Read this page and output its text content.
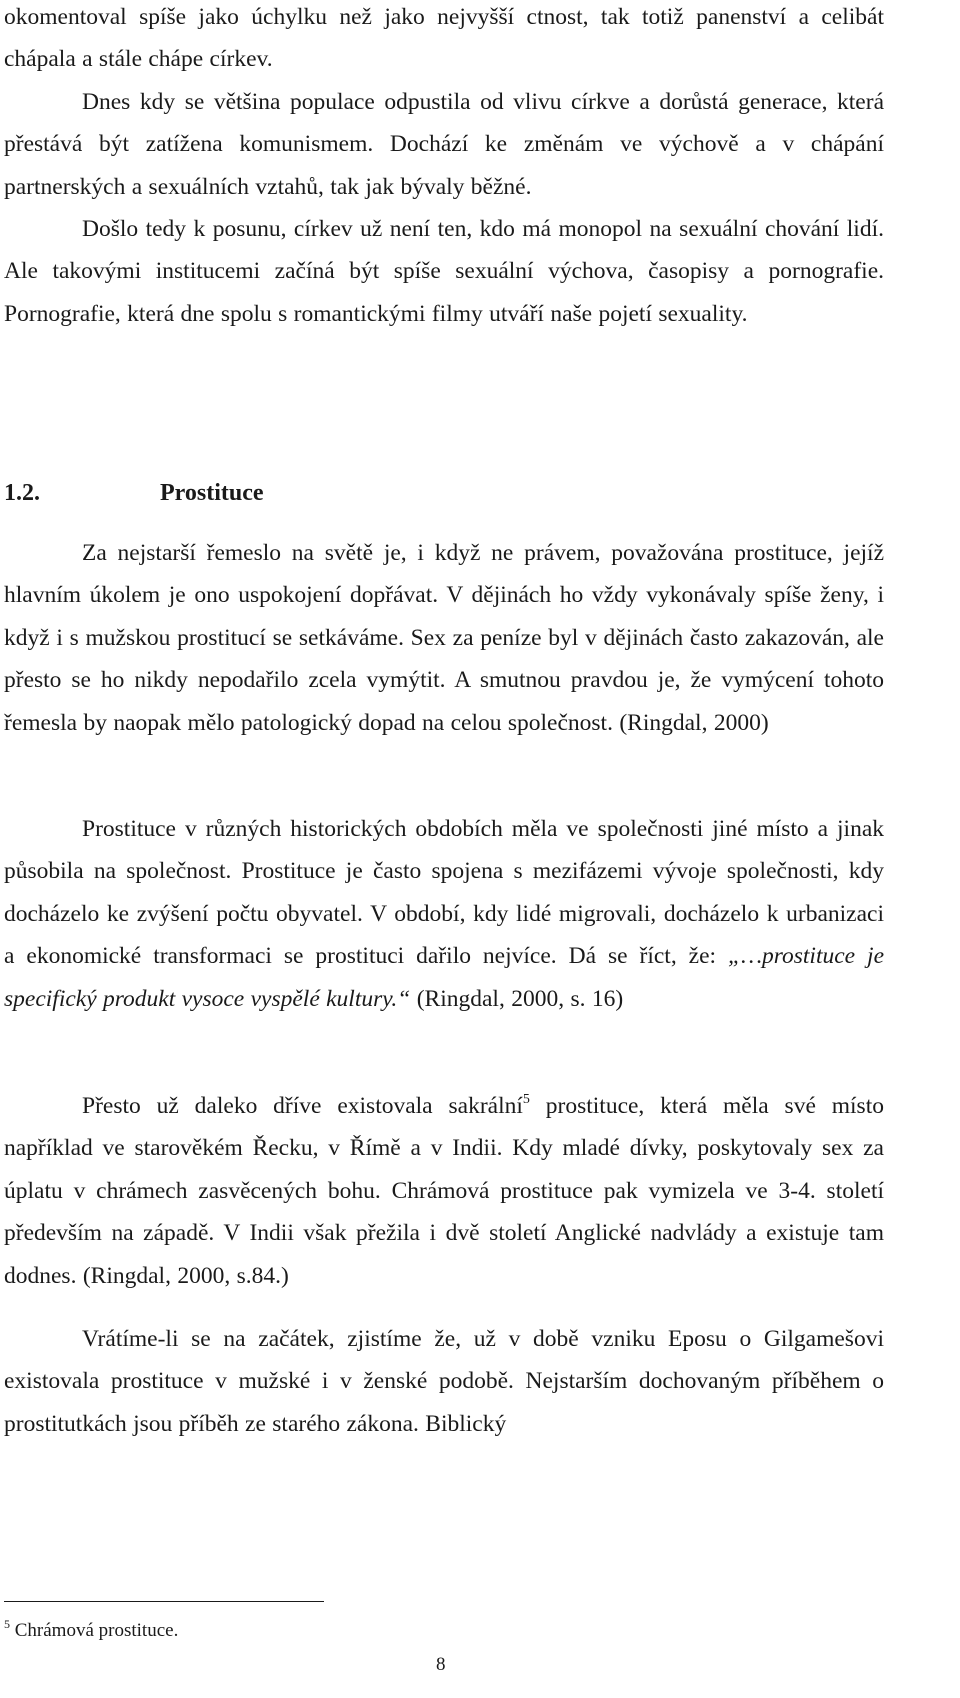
okomentoval spíše jako úchylku než jako nejvyšší ctnost, tak totiž panenství a celibát chápala a stále chápe církev.

Dnes kdy se většina populace odpustila od vlivu církve a dorůstá generace, která přestává být zatížena komunismem. Dochází ke změnám ve výchově a v chápání partnerských a sexuálních vztahů, tak jak bývaly běžné.

Došlo tedy k posunu, církev už není ten, kdo má monopol na sexuální chování lidí. Ale takovými institucemi začíná být spíše sexuální výchova, časopisy a pornografie. Pornografie, která dne spolu s romantickými filmy utváří naše pojetí sexuality.

1.2.	Prostituce

Za nejstarší řemeslo na světě je, i když ne právem, považována prostituce, jejíž hlavním úkolem je ono uspokojení dopřávat. V dějinách ho vždy vykonávaly spíše ženy, i když i s mužskou prostitucí se setkáváme. Sex za peníze byl v dějinách často zakazován, ale přesto se ho nikdy nepodařilo zcela vymýtit. A smutnou pravdou je, že vymýcení tohoto řemesla by naopak mělo patologický dopad na celou společnost. (Ringdal, 2000)

Prostituce v různých historických obdobích měla ve společnosti jiné místo a jinak působila na společnost. Prostituce je často spojena s mezifázemi vývoje společnosti, kdy docházelo ke zvýšení počtu obyvatel. V období, kdy lidé migrovali, docházelo k urbanizaci a ekonomické transformaci se prostituci dařilo nejvíce. Dá se říct, že: „…prostituce je specifický produkt vysoce vyspělé kultury.“ (Ringdal, 2000, s. 16)

Přesto už daleko dříve existovala sakrální$^5$ prostituce, která měla své místo například ve starověkém Řecku, v Římě a v Indii. Kdy mladé dívky, poskytovaly sex za úplatu v chrámech zasvěcených bohu. Chrámová prostituce pak vymizela ve 3-4. století především na západě. V Indii však přežila i dvě století Anglické nadvlády a existuje tam dodnes. (Ringdal, 2000, s.84.)

Vrátíme-li se na začátek, zjistíme že, už v době vzniku Eposu o Gilgamešovi existovala prostituce v mužské i v ženské podobě. Nejstarším dochovaným příběhem o prostitutkách jsou příběh ze starého zákona. Biblický

$^5$ Chrámová prostituce.

8
